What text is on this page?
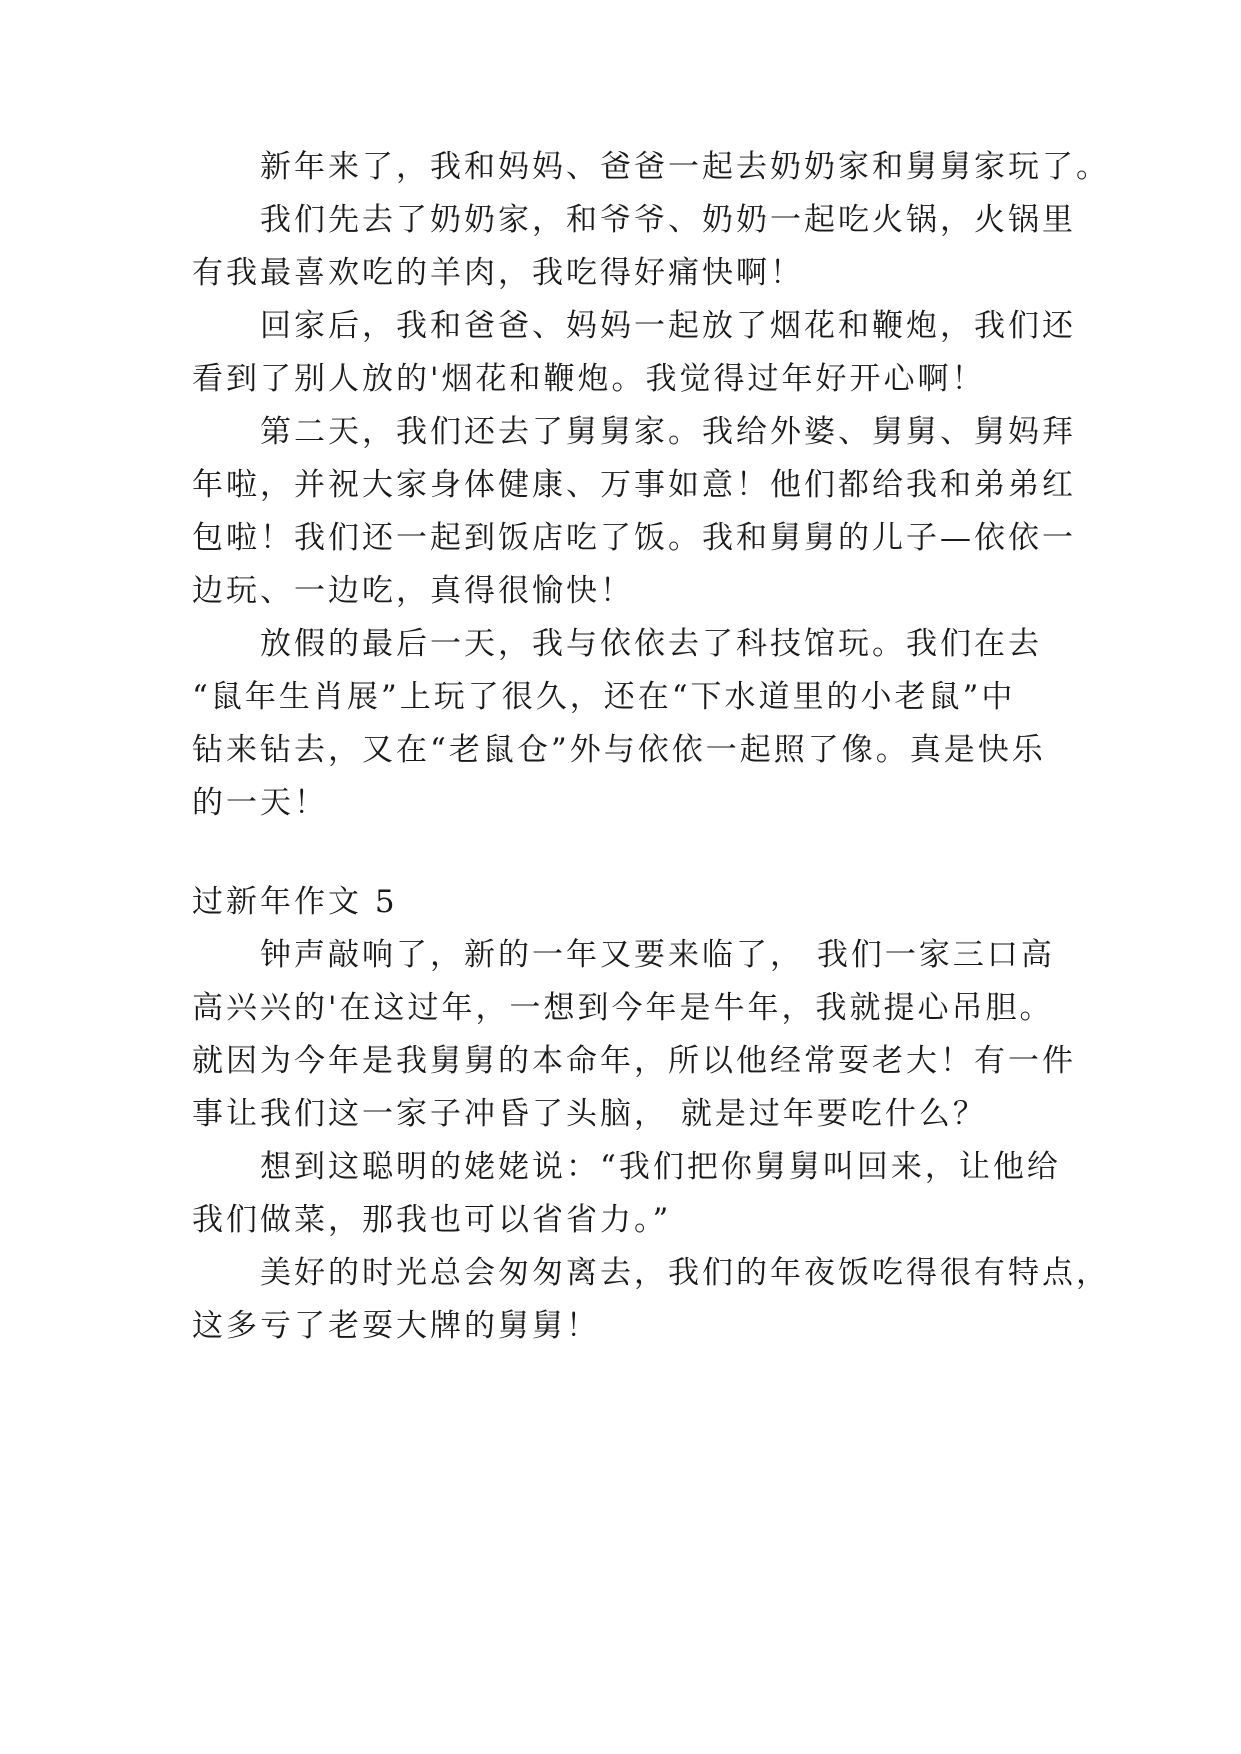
　　新年来了，我和妈妈、爸爸一起去奶奶家和舅舅家玩了。
　　我们先去了奶奶家，和爷爷、奶奶一起吃火锅，火锅里
有我最喜欢吃的羊肉，我吃得好痛快啊！
　　回家后，我和爸爸、妈妈一起放了烟花和鞭炮，我们还
看到了别人放的'烟花和鞭炮。我觉得过年好开心啊！
　　第二天，我们还去了舅舅家。我给外婆、舅舅、舅妈拜
年啦，并祝大家身体健康、万事如意！他们都给我和弟弟红
包啦！我们还一起到饭店吃了饭。我和舅舅的儿子—依依一
边玩、一边吃，真得很愉快！
　　放假的最后一天，我与依依去了科技馆玩。我们在去
“鼠年生肖展”上玩了很久，还在“下水道里的小老鼠”中
钻来钻去，又在“老鼠仓”外与依依一起照了像。真是快乐
的一天！
过新年作文 5
　　钟声敲响了，新的一年又要来临了， 我们一家三口高
高兴兴的'在这过年，一想到今年是牛年，我就提心吊胆。
就因为今年是我舅舅的本命年，所以他经常耍老大！有一件
事让我们这一家子冲昏了头脑， 就是过年要吃什么？
　　想到这聪明的姥姥说：“我们把你舅舅叫回来，让他给
我们做菜，那我也可以省省力。”
　　美好的时光总会匆匆离去，我们的年夜饭吃得很有特点，
这多亏了老耍大牌的舅舅！
